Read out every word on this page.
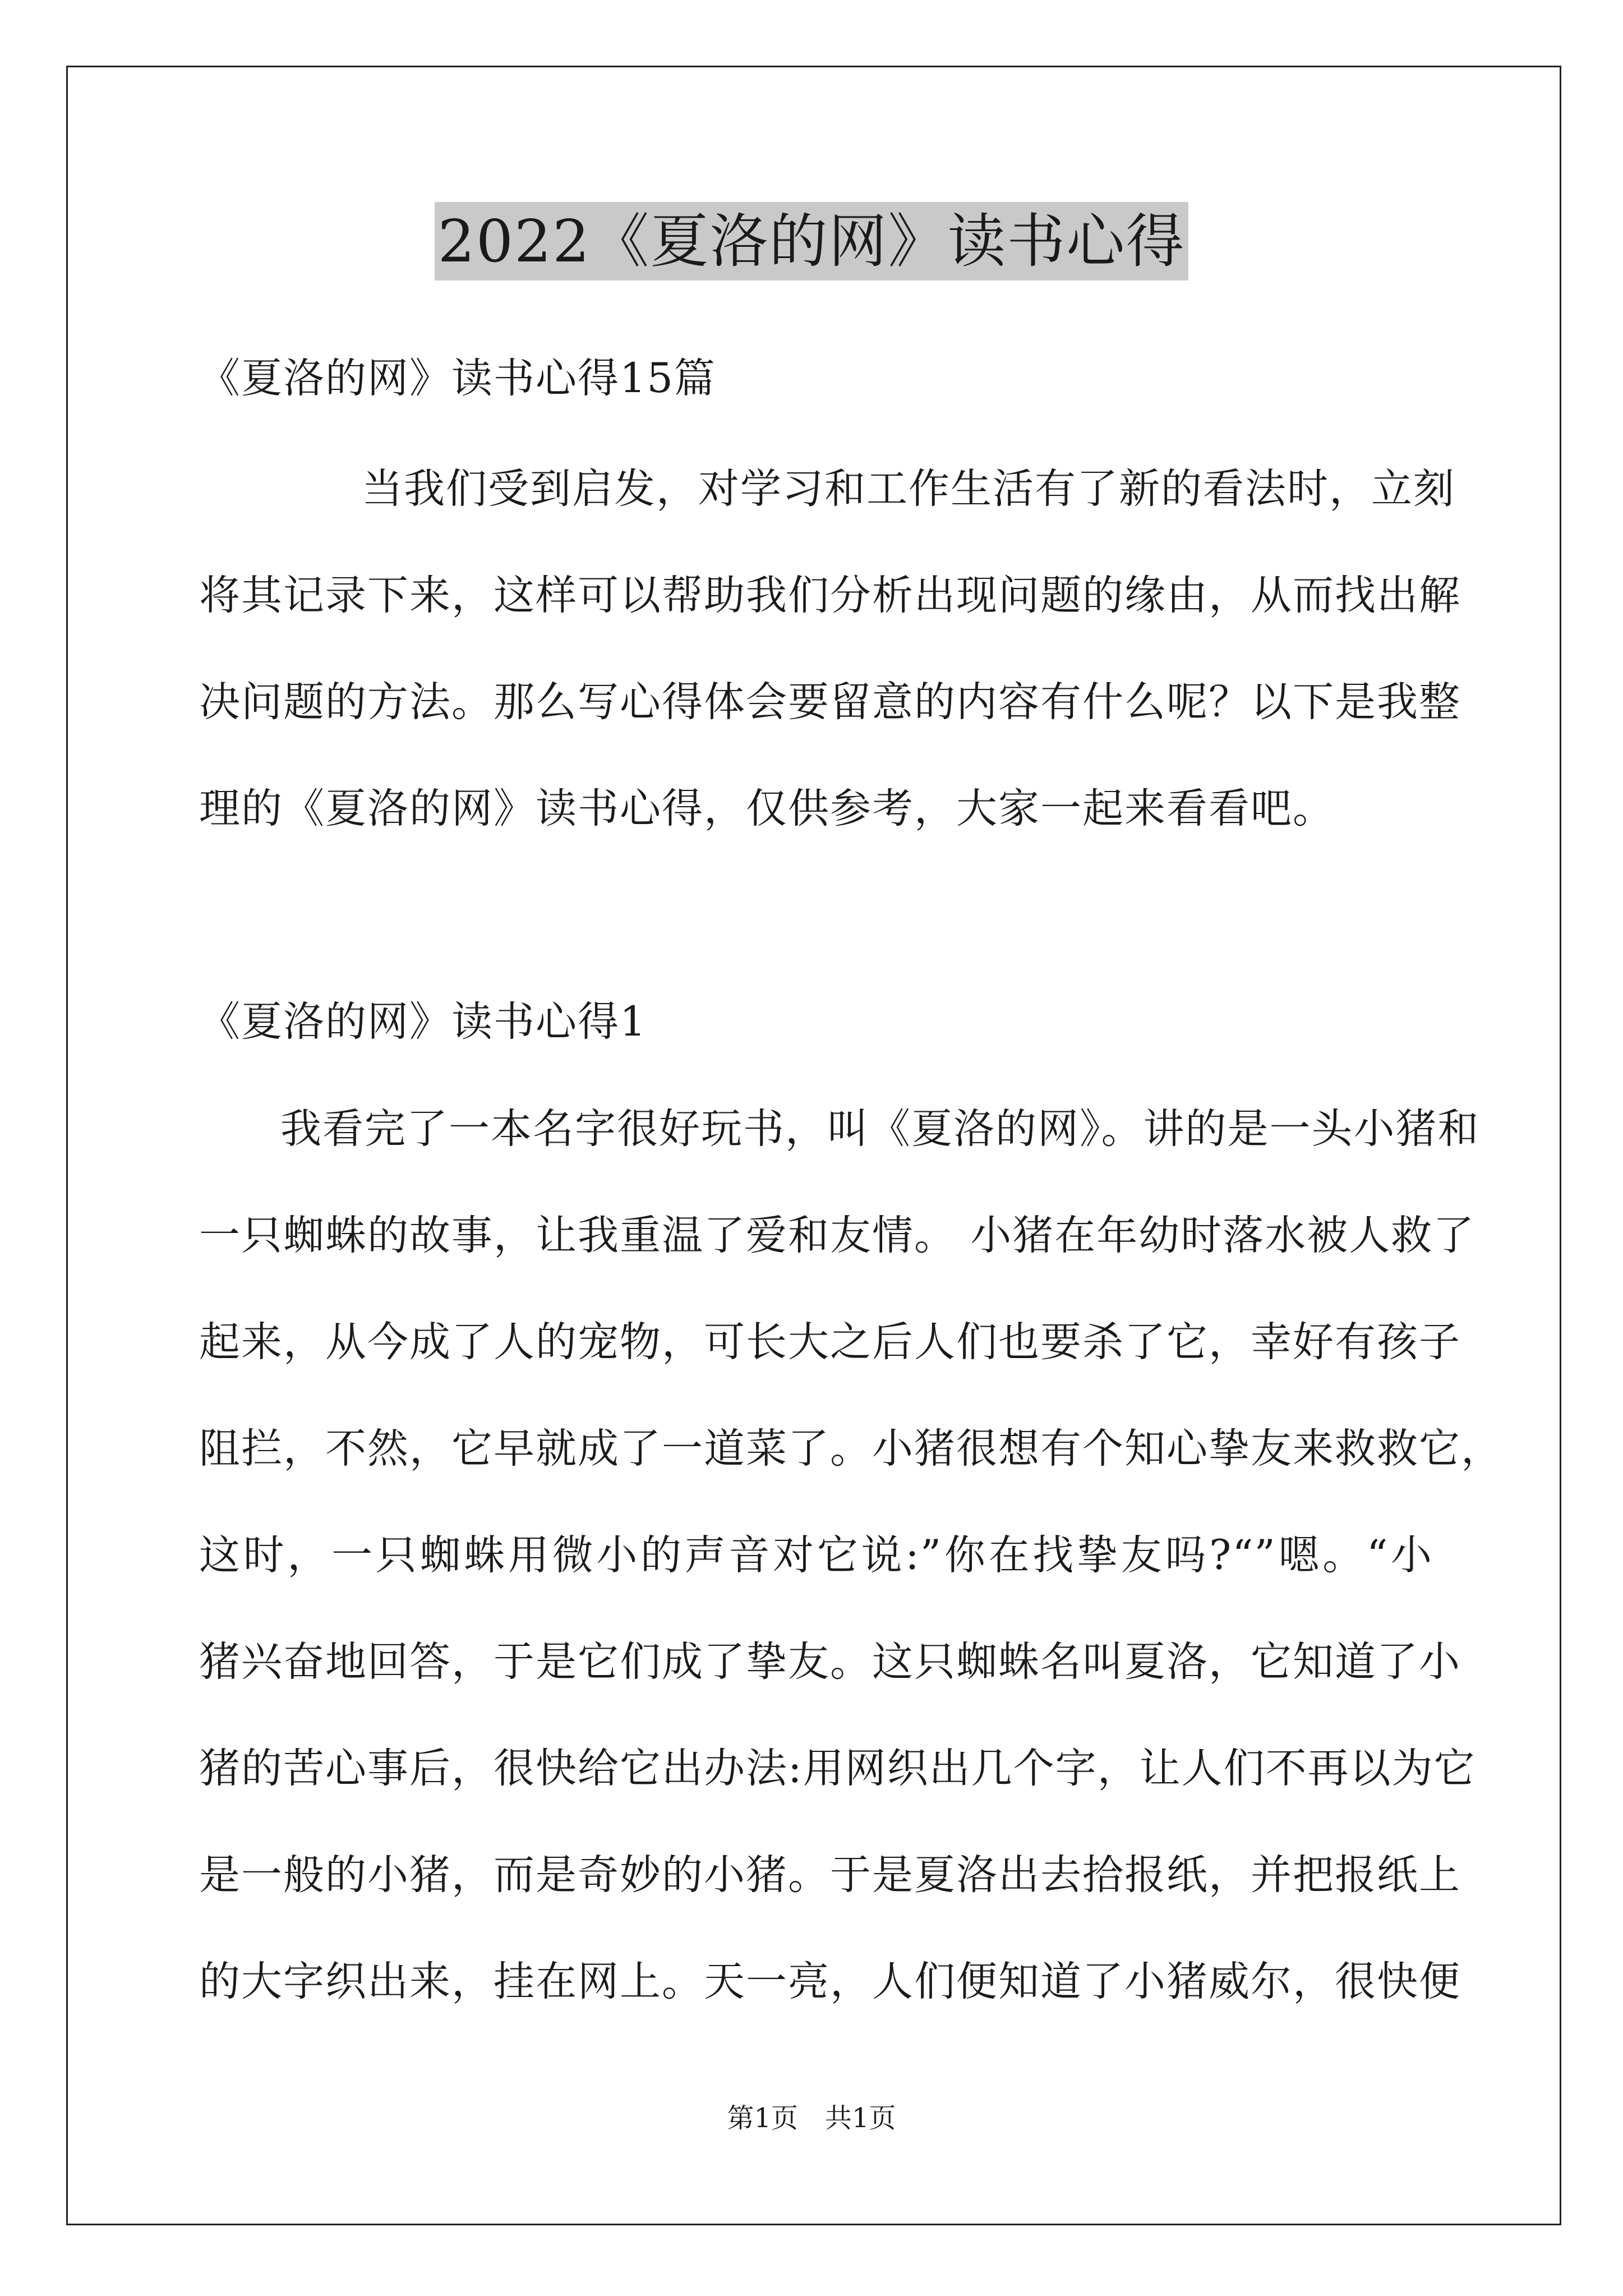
2022《夏洛的网》读书心得
《夏洛的网》读书心得15篇
当我们受到启发，对学习和工作生活有了新的看法时，立刻
将其记录下来，这样可以帮助我们分析出现问题的缘由，从而找出解
决问题的方法。那么写心得体会要留意的内容有什么呢？以下是我整
理的《夏洛的网》读书心得，仅供参考，大家一起来看看吧。
《夏洛的网》读书心得1
我看完了一本名字很好玩书，叫《夏洛的网》。讲的是一头小猪和
一只蜘蛛的故事，让我重温了爱和友情。 小猪在年幼时落水被人救了
起来，从今成了人的宠物，可长大之后人们也要杀了它，幸好有孩子
阻拦，不然，它早就成了一道菜了。小猪很想有个知心挚友来救救它，
这时，一只蜘蛛用微小的声音对它说:”你在找挚友吗?“”嗯。“小
猪兴奋地回答，于是它们成了挚友。这只蜘蛛名叫夏洛，它知道了小
猪的苦心事后，很快给它出办法:用网织出几个字，让人们不再以为它
是一般的小猪，而是奇妙的小猪。于是夏洛出去拾报纸，并把报纸上
的大字织出来，挂在网上。天一亮，人们便知道了小猪威尔，很快便
第1页　共1页
